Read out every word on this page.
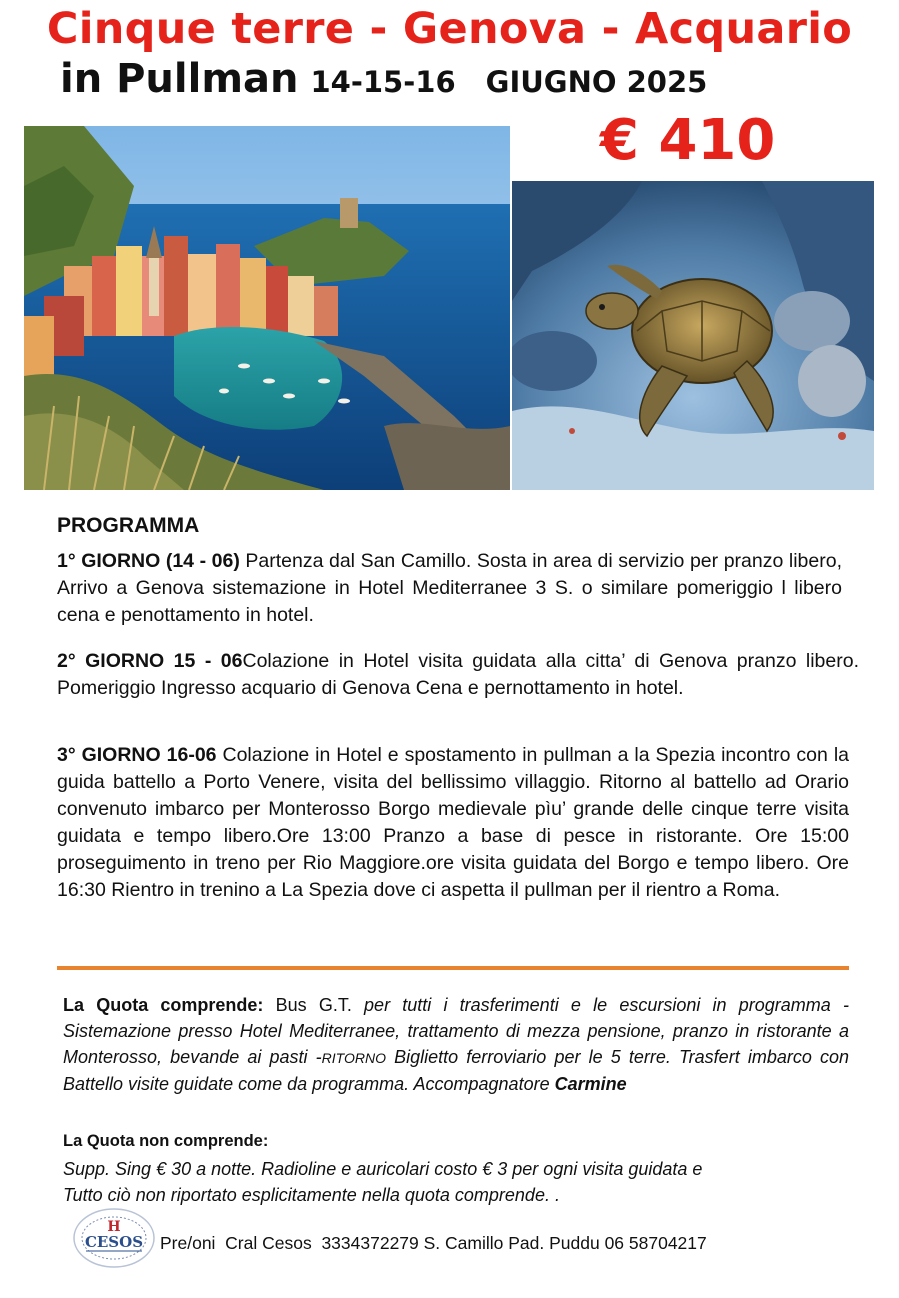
Cinque terre - Genova - Acquario
in Pullman 14-15-16 GIUGNO 2025
€ 410
PROGRAMMA
1° GIORNO (14 - 06) Partenza dal San Camillo. Sosta in area di servizio per pranzo libero, Arrivo a Genova sistemazione in Hotel Mediterranee 3 S. o similare pomeriggio l libero cena e penottamento in hotel.
2° GIORNO 15 - 06Colazione in Hotel visita guidata alla citta’ di Genova pranzo libero. Pomeriggio Ingresso acquario di Genova Cena e pernottamento in hotel.
3° GIORNO 16-06 Colazione in Hotel e spostamento in pullman a la Spezia incontro con la guida battello a Porto Venere, visita del bellissimo villaggio. Ritorno al battello ad Orario convenuto imbarco per Monterosso Borgo medievale pìu’ grande delle cinque terre visita guidata e tempo libero.Ore 13:00 Pranzo a base di pesce in ristorante. Ore 15:00 proseguimento in treno per Rio Maggiore.ore visita guidata del Borgo e tempo libero. Ore 16:30 Rientro in trenino a La Spezia dove ci aspetta il pullman per il rientro a Roma.
La Quota comprende: Bus G.T. per tutti i trasferimenti e le escursioni in programma -Sistemazione presso Hotel Mediterranee, trattamento di mezza pensione, pranzo in ristorante a Monterosso, bevande ai pasti -RITORNO Biglietto ferroviario per le 5 terre. Trasfert imbarco con Battello visite guidate come da programma. Accompagnatore Carmine
La Quota non comprende:
Supp. Sing € 30 a notte. Radioline e auricolari costo € 3 per ogni visita guidata e
Tutto ciò non riportato esplicitamente nella quota comprende. .
H
CESOS Pre/oni  Cral Cesos  3334372279 S. Camillo Pad. Puddu 06 58704217
